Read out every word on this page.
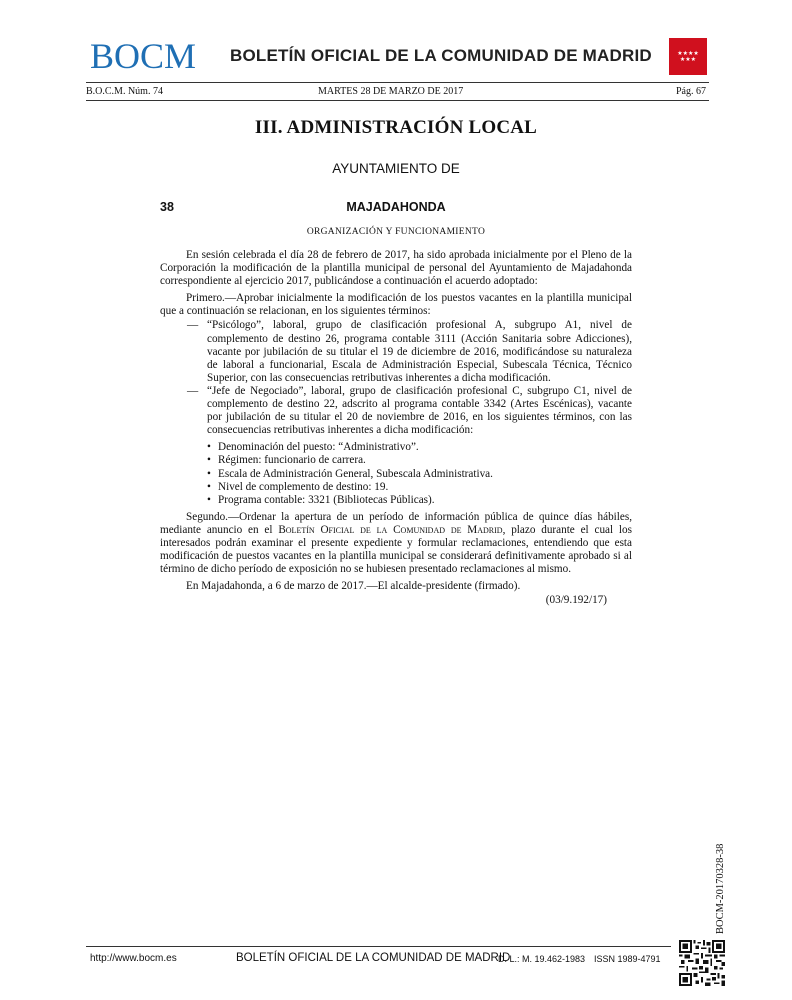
BOCM BOLETÍN OFICIAL DE LA COMUNIDAD DE MADRID	★★★★
★★★
B.O.C.M. Núm. 74	MARTES 28 DE MARZO DE 2017	Pág. 67
III. ADMINISTRACIÓN LOCAL
AYUNTAMIENTO DE
38	MAJADAHONDA
ORGANIZACIÓN Y FUNCIONAMIENTO

En sesión celebrada el día 28 de febrero de 2017, ha sido aprobada inicialmente por el Pleno de la Corporación la modificación de la plantilla municipal de personal del Ayuntamiento de Majadahonda correspondiente al ejercicio 2017, publicándose a continuación el acuerdo adoptado:

Primero.—Aprobar inicialmente la modificación de los puestos vacantes en la plantilla municipal que a continuación se relacionan, en los siguientes términos:

— “Psicólogo”, laboral, grupo de clasificación profesional A, subgrupo A1, nivel de complemento de destino 26, programa contable 3111 (Acción Sanitaria sobre Adicciones), vacante por jubilación de su titular el 19 de diciembre de 2016, modificándose su naturaleza de laboral a funcionarial, Escala de Administración Especial, Subescala Técnica, Técnico Superior, con las consecuencias retributivas inherentes a dicha modificación.
— “Jefe de Negociado”, laboral, grupo de clasificación profesional C, subgrupo C1, nivel de complemento de destino 22, adscrito al programa contable 3342 (Artes Escénicas), vacante por jubilación de su titular el 20 de noviembre de 2016, en los siguientes términos, con las consecuencias retributivas inherentes a dicha modificación:
• Denominación del puesto: “Administrativo”.
• Régimen: funcionario de carrera.
• Escala de Administración General, Subescala Administrativa.
• Nivel de complemento de destino: 19.
• Programa contable: 3321 (Bibliotecas Públicas).

Segundo.—Ordenar la apertura de un período de información pública de quince días hábiles, mediante anuncio en el Boletín Oficial de la Comunidad de Madrid, plazo durante el cual los interesados podrán examinar el presente expediente y formular reclamaciones, entendiendo que esta modificación de puestos vacantes en la plantilla municipal se considerará definitivamente aprobado si al término de dicho período de exposición no se hubiesen presentado reclamaciones al mismo.

En Majadahonda, a 6 de marzo de 2017.—El alcalde-presidente (firmado).

(03/9.192/17)
BOCM-20170328-38
http://www.bocm.es	BOLETÍN OFICIAL DE LA COMUNIDAD DE MADRID
D. L.: M. 19.462-1983 ISSN 1989-4791
